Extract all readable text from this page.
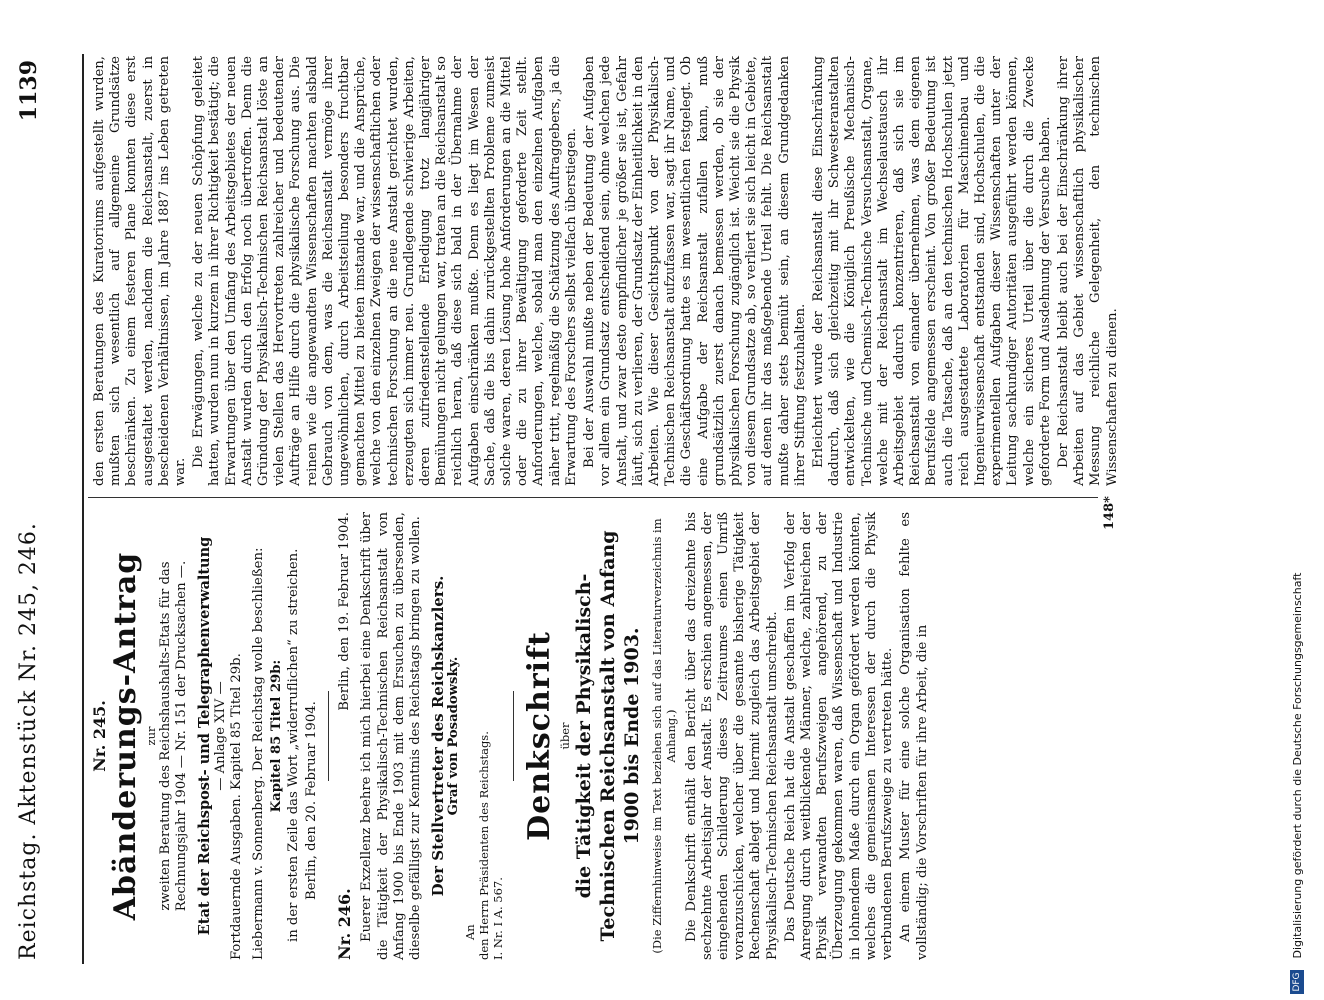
Reichstag. Aktenstück Nr. 245, 246.
1139
Nr. 245. Abänderungs-Antrag zur zweiten Beratung des Reichshaushalts-Etats für das Rechnungsjahr 1904 — Nr. 151 der Drucksachen —. Etat der Reichspost- und Telegraphenverwaltung — Anlage XIV — Fortdauernde Ausgaben. Kapitel 85 Titel 29b. Liebermann v. Sonnenberg. Der Reichstag wolle beschließen: Kapitel 85 Titel 29b: in der ersten Zeile das Wort „widerruflichen“ zu streichen. Berlin, den 20. Februar 1904.
Nr. 246.
Berlin, den 19. Februar 1904. Euerer Exzellenz beehre ich mich hierbei eine Denkschrift über die Tätigkeit der Physikalisch-Technischen Reichsanstalt von Anfang 1900 bis Ende 1903 mit dem Ersuchen zu übersenden, dieselbe gefälligst zur Kenntnis des Reichstags bringen zu wollen. Der Stellvertreter des Reichskanzlers. Graf von Posadowsky.
An den Herrn Präsidenten des Reichstags. I. Nr. I A. 567.
Denkschrift über die Tätigkeit der Physikalisch-Technischen Reichsanstalt von Anfang 1900 bis Ende 1903. (Die Ziffernhinweise im Text beziehen sich auf das Literaturverzeichnis im Anhang.) Die Denkschrift enthält den Bericht über das dreizehnte bis sechzehnte Arbeitsjahr der Anstalt. Es erschien angemessen, der eingehenden Schilderung dieses Zeitraumes einen Umriß voranzuschicken, welcher über die gesamte bisherige Tätigkeit Rechenschaft ablegt und hiermit zugleich das Arbeitsgebiet der Physikalisch-Technischen Reichsanstalt umschreibt. Das Deutsche Reich hat die Anstalt geschaffen im Verfolg der Anregung durch weitblickende Männer, welche, zahlreichen der Physik verwandten Berufszweigen angehörend, zu der Überzeugung gekommen waren, daß Wissenschaft und Industrie in lohnendem Maße durch ein Organ gefördert werden könnten, welches die gemeinsamen Interessen der durch die Physik verbundenen Berufszweige zu vertreten hätte. An einem Muster für eine solche Organisation fehlte es vollständig; die Vorschriften für ihre Arbeit, die in

den ersten Beratungen des Kuratoriums aufgestellt wurden, mußten sich wesentlich auf allgemeine Grundsätze beschränken. Zu einem festeren Plane konnten diese erst ausgestaltet werden, nachdem die Reichsanstalt, zuerst in bescheidenen Verhältnissen, im Jahre 1887 ins Leben getreten war.

Die Erwägungen, welche zu der neuen Schöpfung geleitet hatten, wurden nun in kurzem in ihrer Richtigkeit bestätigt; die Erwartungen über den Umfang des Arbeitsgebietes der neuen Anstalt wurden durch den Erfolg noch übertroffen. Denn die Gründung der Physikalisch-Technischen Reichsanstalt löste an vielen Stellen das Hervortreten zahlreicher und bedeutender Aufträge an Hilfe durch die physikalische Forschung aus. Die reinen wie die angewandten Wissenschaften machten alsbald Gebrauch von dem, was die Reichsanstalt vermöge ihrer ungewöhnlichen, durch Arbeitsteilung besonders fruchtbar gemachten Mittel zu bieten imstande war, und die Ansprüche, welche von den einzelnen Zweigen der wissenschaftlichen oder technischen Forschung an die neue Anstalt gerichtet wurden, erzeugten sich immer neu. Grundlegende schwierige Arbeiten, deren zufriedenstellende Erledigung trotz langjähriger Bemühungen nicht gelungen war, traten an die Reichsanstalt so reichlich heran, daß diese sich bald in der Übernahme der Aufgaben einschränken mußte. Denn es liegt im Wesen der Sache, daß die bis dahin zurückgestellten Probleme zumeist solche waren, deren Lösung hohe Anforderungen an die Mittel oder die zu ihrer Bewältigung geforderte Zeit stellt. Anforderungen, welche, sobald man den einzelnen Aufgaben näher tritt, regelmäßig die Schätzung des Auftraggebers, ja die Erwartung des Forschers selbst vielfach überstiegen. Bei der Auswahl mußte neben der Bedeutung der Aufgaben vor allem ein Grundsatz entscheidend sein, ohne welchen jede Anstalt, und zwar desto empfindlicher je größer sie ist, Gefahr läuft, sich zu verlieren, der Grundsatz der Einheitlichkeit in den Arbeiten. Wie dieser Gesichtspunkt von der Physikalisch-Technischen Reichsanstalt aufzufassen war, sagt ihr Name, und die Geschäftsordnung hatte es im wesentlichen festgelegt. Ob eine Aufgabe der Reichsanstalt zufallen kann, muß grundsätzlich zuerst danach bemessen werden, ob sie der physikalischen Forschung zugänglich ist. Weicht sie die Physik von diesem Grundsatze ab, so verliert sie sich leicht in Gebiete, auf denen ihr das maßgebende Urteil fehlt. Die Reichsanstalt mußte daher stets bemüht sein, an diesem Grundgedanken ihrer Stiftung festzuhalten. Erleichtert wurde der Reichsanstalt diese Einschränkung dadurch, daß sich gleichzeitig mit ihr Schwesteranstalten entwickelten, wie die Königlich Preußische Mechanisch-Technische und Chemisch-Technische Versuchsanstalt, Organe, welche mit der Reichsanstalt im Wechselaustausch ihr Arbeitsgebiet dadurch konzentrieren, daß sich sie im Reichsanstalt von einander übernehmen, was dem eigenen Berufsfelde angemessen erscheint. Von großer Bedeutung ist auch die Tatsache, daß an den technischen Hochschulen jetzt reich ausgestattete Laboratorien für Maschinenbau und Ingenieurwissenschaft entstanden sind, Hochschulen, die die experimentellen Aufgaben dieser Wissenschaften unter der Leitung sachkundiger Autoritäten ausgeführt werden können, welche ein sicheres Urteil über die durch die Zwecke geforderte Form und Ausdehnung der Versuche haben. Der Reichsanstalt bleibt auch bei der Einschränkung ihrer Arbeiten auf das Gebiet wissenschaftlich physikalischer Messung reichliche Gelegenheit, den technischen Wissenschaften zu dienen.

148*
DFG Digitalisierung gefördert durch die Deutsche Forschungsgemeinschaft
